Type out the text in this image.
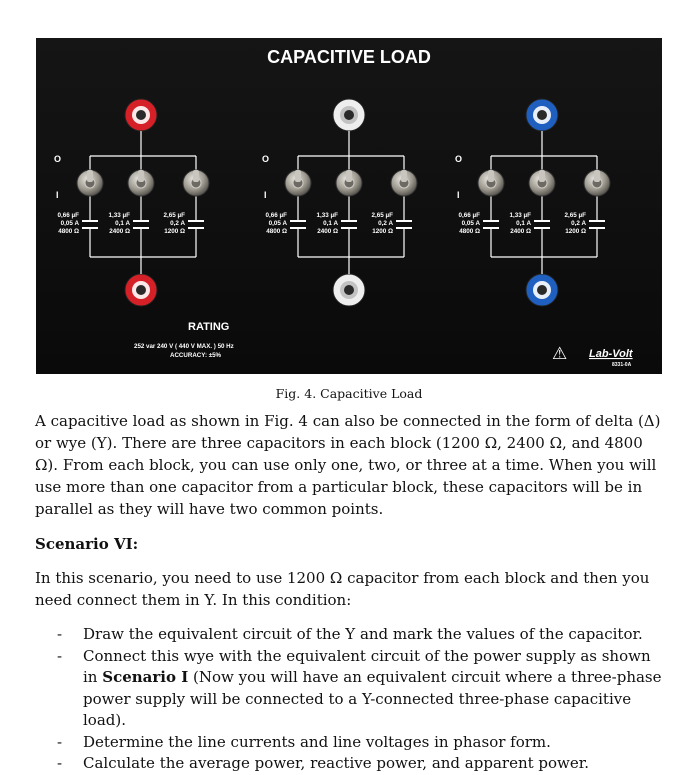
CAPACITIVE LOAD
O
I
0,66 µF
0,05 A
4800 Ω
1,33 µF
0,1 A
2400 Ω
2,65 µF
0,2 A
1200 Ω
O
I
0,66 µF
0,05 A
4800 Ω
1,33 µF
0,1 A
2400 Ω
2,65 µF
0,2 A
1200 Ω
O
I
0,66 µF
0,05 A
4800 Ω
1,33 µF
0,1 A
2400 Ω
2,65 µF
0,2 A
1200 Ω
RATING
252 var 240 V ( 440 V MAX. ) 50 Hz
ACCURACY: ±5%	⚠ Lab-Volt
8331-0A
Fig. 4. Capacitive Load

A capacitive load as shown in Fig. 4 can also be connected in the form of delta (Δ) or wye (Y). There are three capacitors in each block (1200 Ω, 2400 Ω, and 4800 Ω). From each block, you can use only one, two, or three at a time. When you will use more than one capacitor from a particular block, these capacitors will be in parallel as they will have two common points.

Scenario VI:

In this scenario, you need to use 1200 Ω capacitor from each block and then you need connect them in Y. In this condition:

- Draw the equivalent circuit of the Y and mark the values of the capacitor.
- Connect this wye with the equivalent circuit of the power supply as shown in Scenario I (Now you will have an equivalent circuit where a three-phase power supply will be connected to a Y-connected three-phase capacitive load).
- Determine the line currents and line voltages in phasor form.
- Calculate the average power, reactive power, and apparent power.
